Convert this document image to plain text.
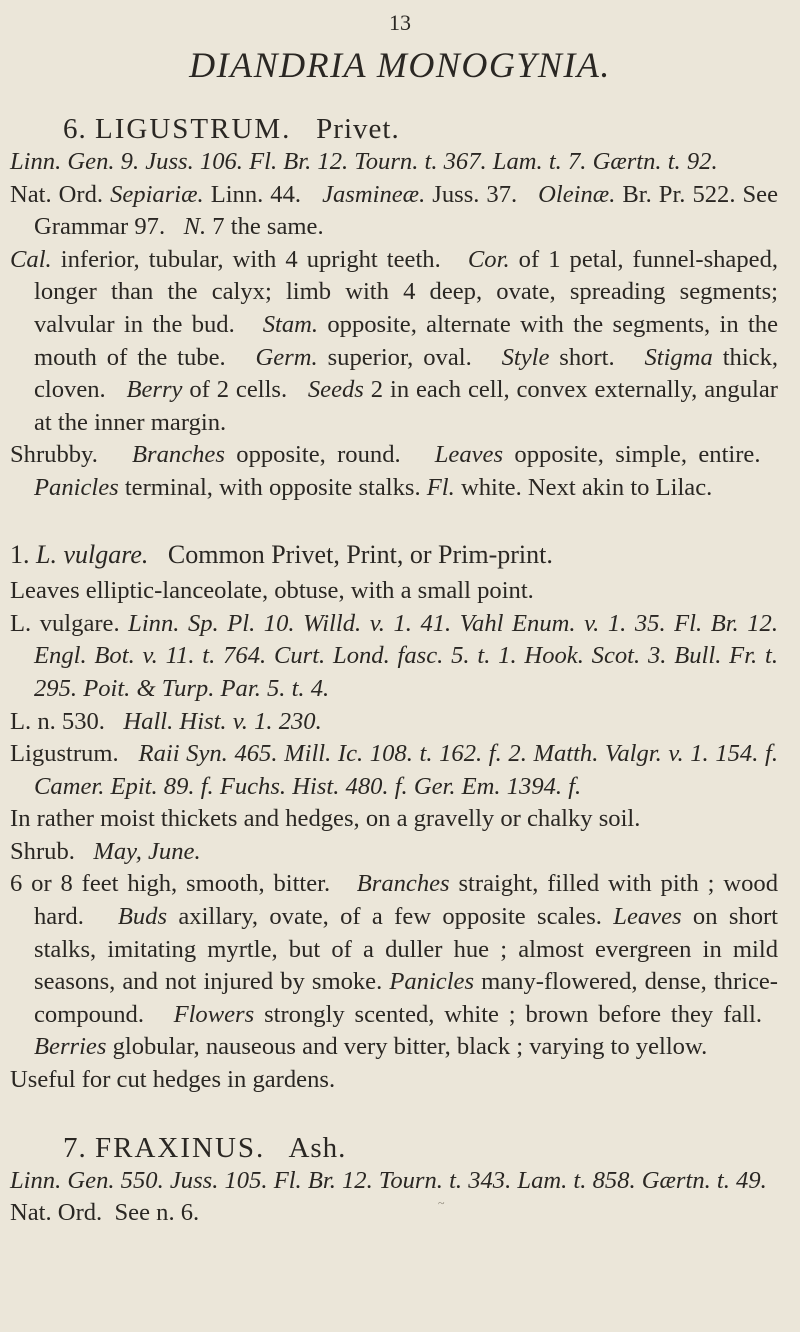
13
DIANDRIA MONOGYNIA.
6. LIGUSTRUM. Privet.

Linn. Gen. 9. Juss. 106. Fl. Br. 12. Tourn. t. 367. Lam. t. 7. Gærtn. t. 92.

Nat. Ord. Sepiariæ. Linn. 44. Jasmineæ. Juss. 37. Oleinæ. Br. Pr. 522. See Grammar 97. N. 7 the same.

Cal. inferior, tubular, with 4 upright teeth. Cor. of 1 petal, funnel-shaped, longer than the calyx; limb with 4 deep, ovate, spreading segments; valvular in the bud. Stam. opposite, alternate with the segments, in the mouth of the tube. Germ. superior, oval. Style short. Stigma thick, cloven. Berry of 2 cells. Seeds 2 in each cell, convex externally, angular at the inner margin.

Shrubby. Branches opposite, round. Leaves opposite, simple, entire.   Panicles terminal, with opposite stalks. Fl. white. Next akin to Lilac.

1. L. vulgare. Common Privet, Print, or Prim-print.

Leaves elliptic-lanceolate, obtuse, with a small point.

L. vulgare. Linn. Sp. Pl. 10. Willd. v. 1. 41. Vahl Enum. v. 1. 35. Fl. Br. 12. Engl. Bot. v. 11. t. 764. Curt. Lond. fasc. 5. t. 1. Hook. Scot. 3. Bull. Fr. t. 295. Poit. & Turp. Par. 5. t. 4.

L. n. 530. Hall. Hist. v. 1. 230.

Ligustrum. Raii Syn. 465. Mill. Ic. 108. t. 162. f. 2. Matth. Valgr. v. 1. 154. f. Camer. Epit. 89. f. Fuchs. Hist. 480. f. Ger. Em. 1394. f.

In rather moist thickets and hedges, on a gravelly or chalky soil.

Shrub. May, June.

6 or 8 feet high, smooth, bitter. Branches straight, filled with pith ; wood hard. Buds axillary, ovate, of a few opposite scales. Leaves on short stalks, imitating myrtle, but of a duller hue ; almost evergreen in mild seasons, and not injured by smoke. Panicles many-flowered, dense, thrice-compound. Flowers strongly scented, white ; brown before they fall.   Berries globular, nauseous and very bitter, black ; varying to yellow.

Useful for cut hedges in gardens.

7. FRAXINUS. Ash.

Linn. Gen. 550. Juss. 105. Fl. Br. 12. Tourn. t. 343. Lam. t. 858. Gærtn. t. 49.

Nat. Ord. See n. 6.	~
